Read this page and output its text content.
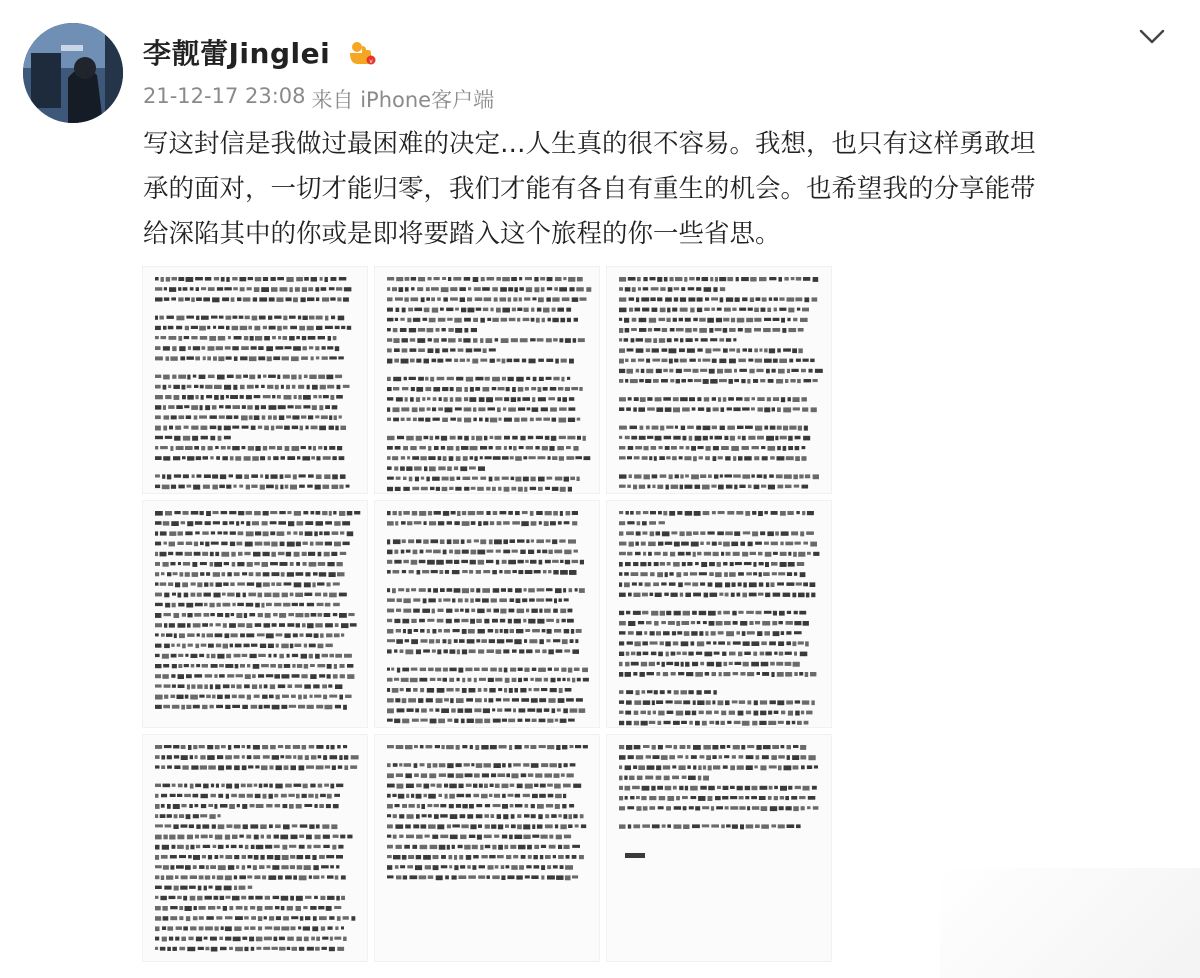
李靓蕾Jinglei	v
21-12-17 23:08 来自 iPhone客户端

写这封信是我做过最困难的决定…人生真的很不容易。我想，也只有这样勇敢坦

承的面对，一切才能归零，我们才能有各自有重生的机会。也希望我的分享能带

给深陷其中的你或是即将要踏入这个旅程的你一些省思。
